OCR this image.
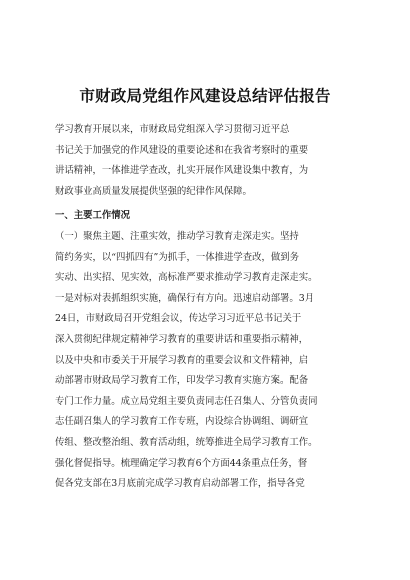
市财政局党组作风建设总结评估报告
学习教育开展以来，市财政局党组深入学习贯彻习近平总
书记关于加强党的作风建设的重要论述和在我省考察时的重要
讲话精神，一体推进学查改，扎实开展作风建设集中教育，为
财政事业高质量发展提供坚强的纪律作风保障。
一、主要工作情况
（一）聚焦主题、注重实效，推动学习教育走深走实。坚持
简约务实，以“四抓四有”为抓手，一体推进学查改，做到务
实动、出实招、见实效，高标准严要求推动学习教育走深走实。
一是对标对表抓组织实施，确保行有方向。迅速启动部署。3月
24日，市财政局召开党组会议，传达学习习近平总书记关于
深入贯彻纪律规定精神学习教育的重要讲话和重要指示精神，
以及中央和市委关于开展学习教育的重要会议和文件精神，启
动部署市财政局学习教育工作，印发学习教育实施方案。配备
专门工作力量。成立局党组主要负责同志任召集人、分管负责同
志任副召集人的学习教育工作专班，内设综合协调组、调研宣
传组、整改整治组、教育活动组，统筹推进全局学习教育工作。
强化督促指导。梳理确定学习教育6个方面44条重点任务，督
促各党支部在3月底前完成学习教育启动部署工作，指导各党
